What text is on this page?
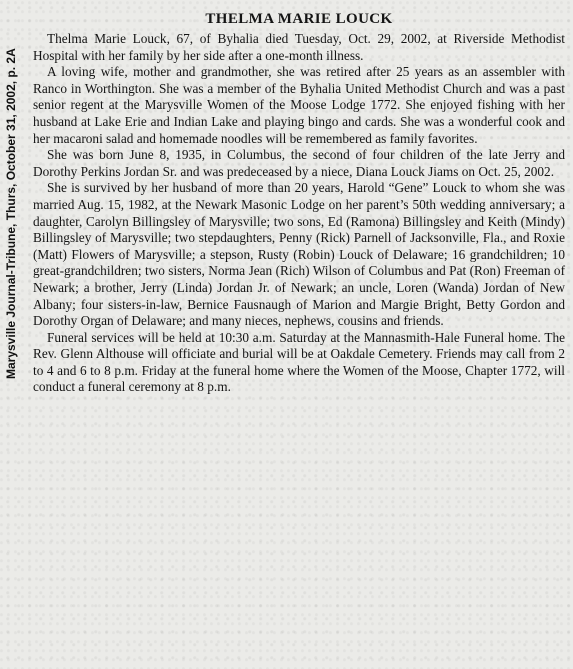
Marysville Journal-Tribune, Thurs, October 31, 2002, p. 2A
THELMA MARIE LOUCK

Thelma Marie Louck, 67, of Byhalia died Tuesday, Oct. 29, 2002, at Riverside Methodist Hospital with her family by her side after a one-month illness.

A loving wife, mother and grandmother, she was retired after 25 years as an assembler with Ranco in Worthington. She was a member of the Byhalia United Methodist Church and was a past senior regent at the Marysville Women of the Moose Lodge 1772. She enjoyed fishing with her husband at Lake Erie and Indian Lake and playing bingo and cards. She was a wonderful cook and her macaroni salad and homemade noodles will be remembered as family favorites.

She was born June 8, 1935, in Columbus, the second of four children of the late Jerry and Dorothy Perkins Jordan Sr. and was predeceased by a niece, Diana Louck Jiams on Oct. 25, 2002.

She is survived by her husband of more than 20 years, Harold “Gene” Louck to whom she was married Aug. 15, 1982, at the Newark Masonic Lodge on her parent’s 50th wedding anniversary; a daughter, Carolyn Billingsley of Marysville; two sons, Ed (Ramona) Billingsley and Keith (Mindy) Billingsley of Marysville; two stepdaughters, Penny (Rick) Parnell of Jacksonville, Fla., and Roxie (Matt) Flowers of Marysville; a stepson, Rusty (Robin) Louck of Delaware; 16 grandchildren; 10 great-grandchildren; two sisters, Norma Jean (Rich) Wilson of Columbus and Pat (Ron) Freeman of Newark; a brother, Jerry (Linda) Jordan Jr. of Newark; an uncle, Loren (Wanda) Jordan of New Albany; four sisters-in-law, Bernice Fausnaugh of Marion and Margie Bright, Betty Gordon and Dorothy Organ of Delaware; and many nieces, nephews, cousins and friends.

Funeral services will be held at 10:30 a.m. Saturday at the Mannasmith-Hale Funeral home. The Rev. Glenn Althouse will officiate and burial will be at Oakdale Cemetery. Friends may call from 2 to 4 and 6 to 8 p.m. Friday at the funeral home where the Women of the Moose, Chapter 1772, will conduct a funeral ceremony at 8 p.m.
